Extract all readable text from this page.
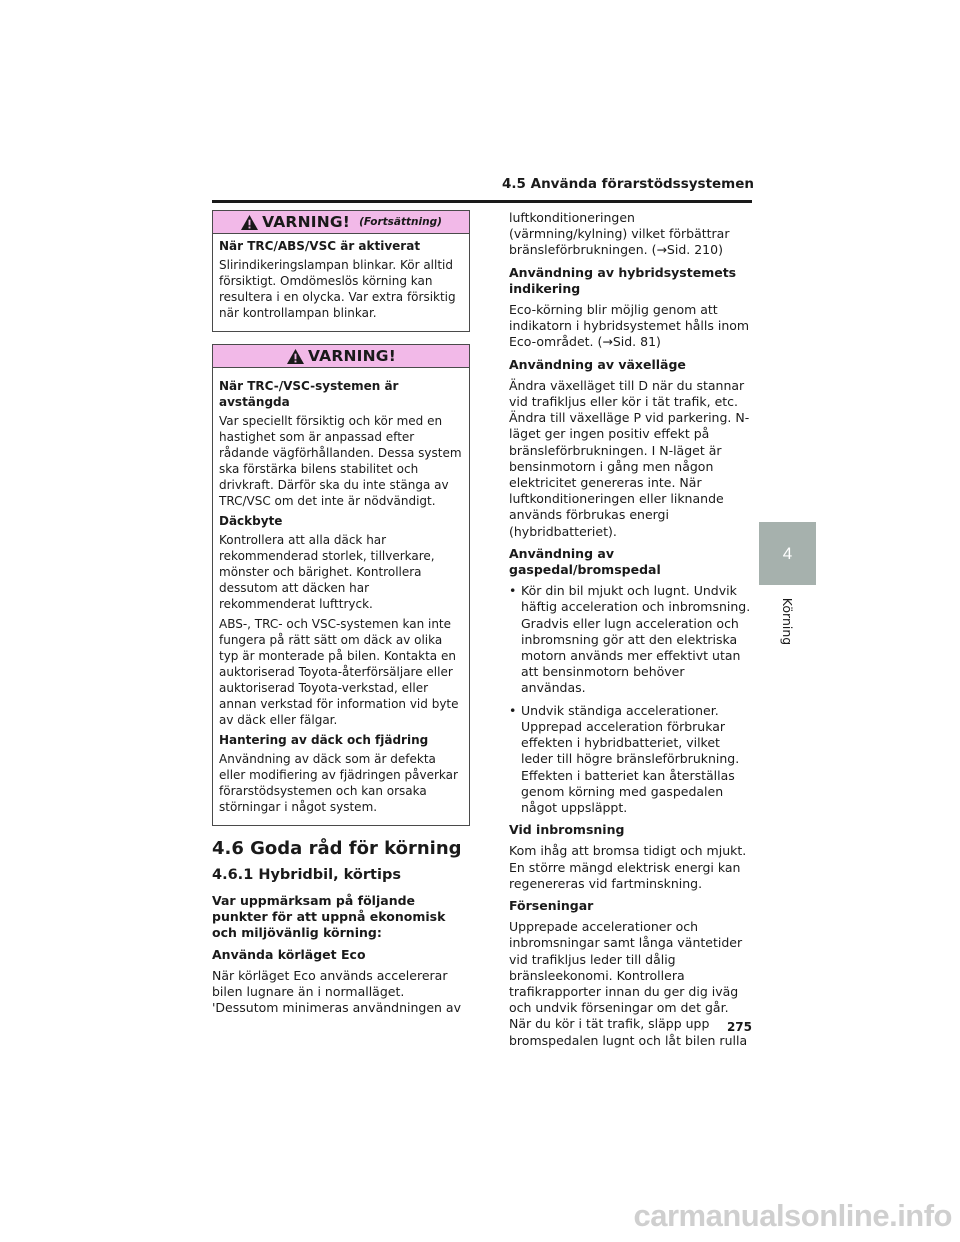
4.5 Använda förarstödssystemen
VARNING! (Fortsättning)
När TRC/ABS/VSC är aktiverat
Slirindikeringslampan blinkar. Kör alltid försiktigt. Omdömeslös körning kan resultera i en olycka. Var extra försiktig när kontrollampan blinkar.
VARNING!
När TRC-/VSC-systemen är avstängda
Var speciellt försiktig och kör med en hastighet som är anpassad efter rådande vägförhållanden. Dessa system ska förstärka bilens stabilitet och drivkraft. Därför ska du inte stänga av TRC/VSC om det inte är nödvändigt.
Däckbyte
Kontrollera att alla däck har rekommenderad storlek, tillverkare, mönster och bärighet. Kontrollera dessutom att däcken har rekommenderat lufttryck.
ABS-, TRC- och VSC-systemen kan inte fungera på rätt sätt om däck av olika typ är monterade på bilen. Kontakta en auktoriserad Toyota-återförsäljare eller auktoriserad Toyota-verkstad, eller annan verkstad för information vid byte av däck eller fälgar.
Hantering av däck och fjädring
Användning av däck som är defekta eller modifiering av fjädringen påverkar förarstödsystemen och kan orsaka störningar i något system.
4.6 Goda råd för körning
4.6.1 Hybridbil, körtips

Var uppmärksam på följande punkter för att uppnå ekonomisk och miljövänlig körning:

Använda körläget Eco

När körläget Eco används accelererar bilen lugnare än i normalläget. 'Dessutom minimeras användningen av

luftkonditioneringen (värmning/kylning) vilket förbättrar bränsleförbrukningen. (→Sid. 210)

Användning av hybridsystemets indikering

Eco-körning blir möjlig genom att indikatorn i hybridsystemet hålls inom Eco-området. (→Sid. 81)

Användning av växelläge

Ändra växelläget till D när du stannar vid trafikljus eller kör i tät trafik, etc. Ändra till växelläge P vid parkering. N-läget ger ingen positiv effekt på bränsleförbrukningen. I N-läget är bensinmotorn i gång men någon elektricitet genereras inte. När luftkonditioneringen eller liknande används förbrukas energi (hybridbatteriet).

Användning av gaspedal/bromspedal

• Kör din bil mjukt och lugnt. Undvik häftig acceleration och inbromsning. Gradvis eller lugn acceleration och inbromsning gör att den elektriska motorn används mer effektivt utan att bensinmotorn behöver användas.
• Undvik ständiga accelerationer. Upprepad acceleration förbrukar effekten i hybridbatteriet, vilket leder till högre bränsleförbrukning. Effekten i batteriet kan återställas genom körning med gaspedalen något uppsläppt.

Vid inbromsning

Kom ihåg att bromsa tidigt och mjukt. En större mängd elektrisk energi kan regenereras vid fartminskning.

Förseningar

Upprepade accelerationer och inbromsningar samt långa väntetider vid trafikljus leder till dålig bränsleekonomi. Kontrollera trafikrapporter innan du ger dig iväg och undvik förseningar om det går. När du kör i tät trafik, släpp upp bromspedalen lugnt och låt bilen rulla

4
Körning
275
carmanualsonline.info
